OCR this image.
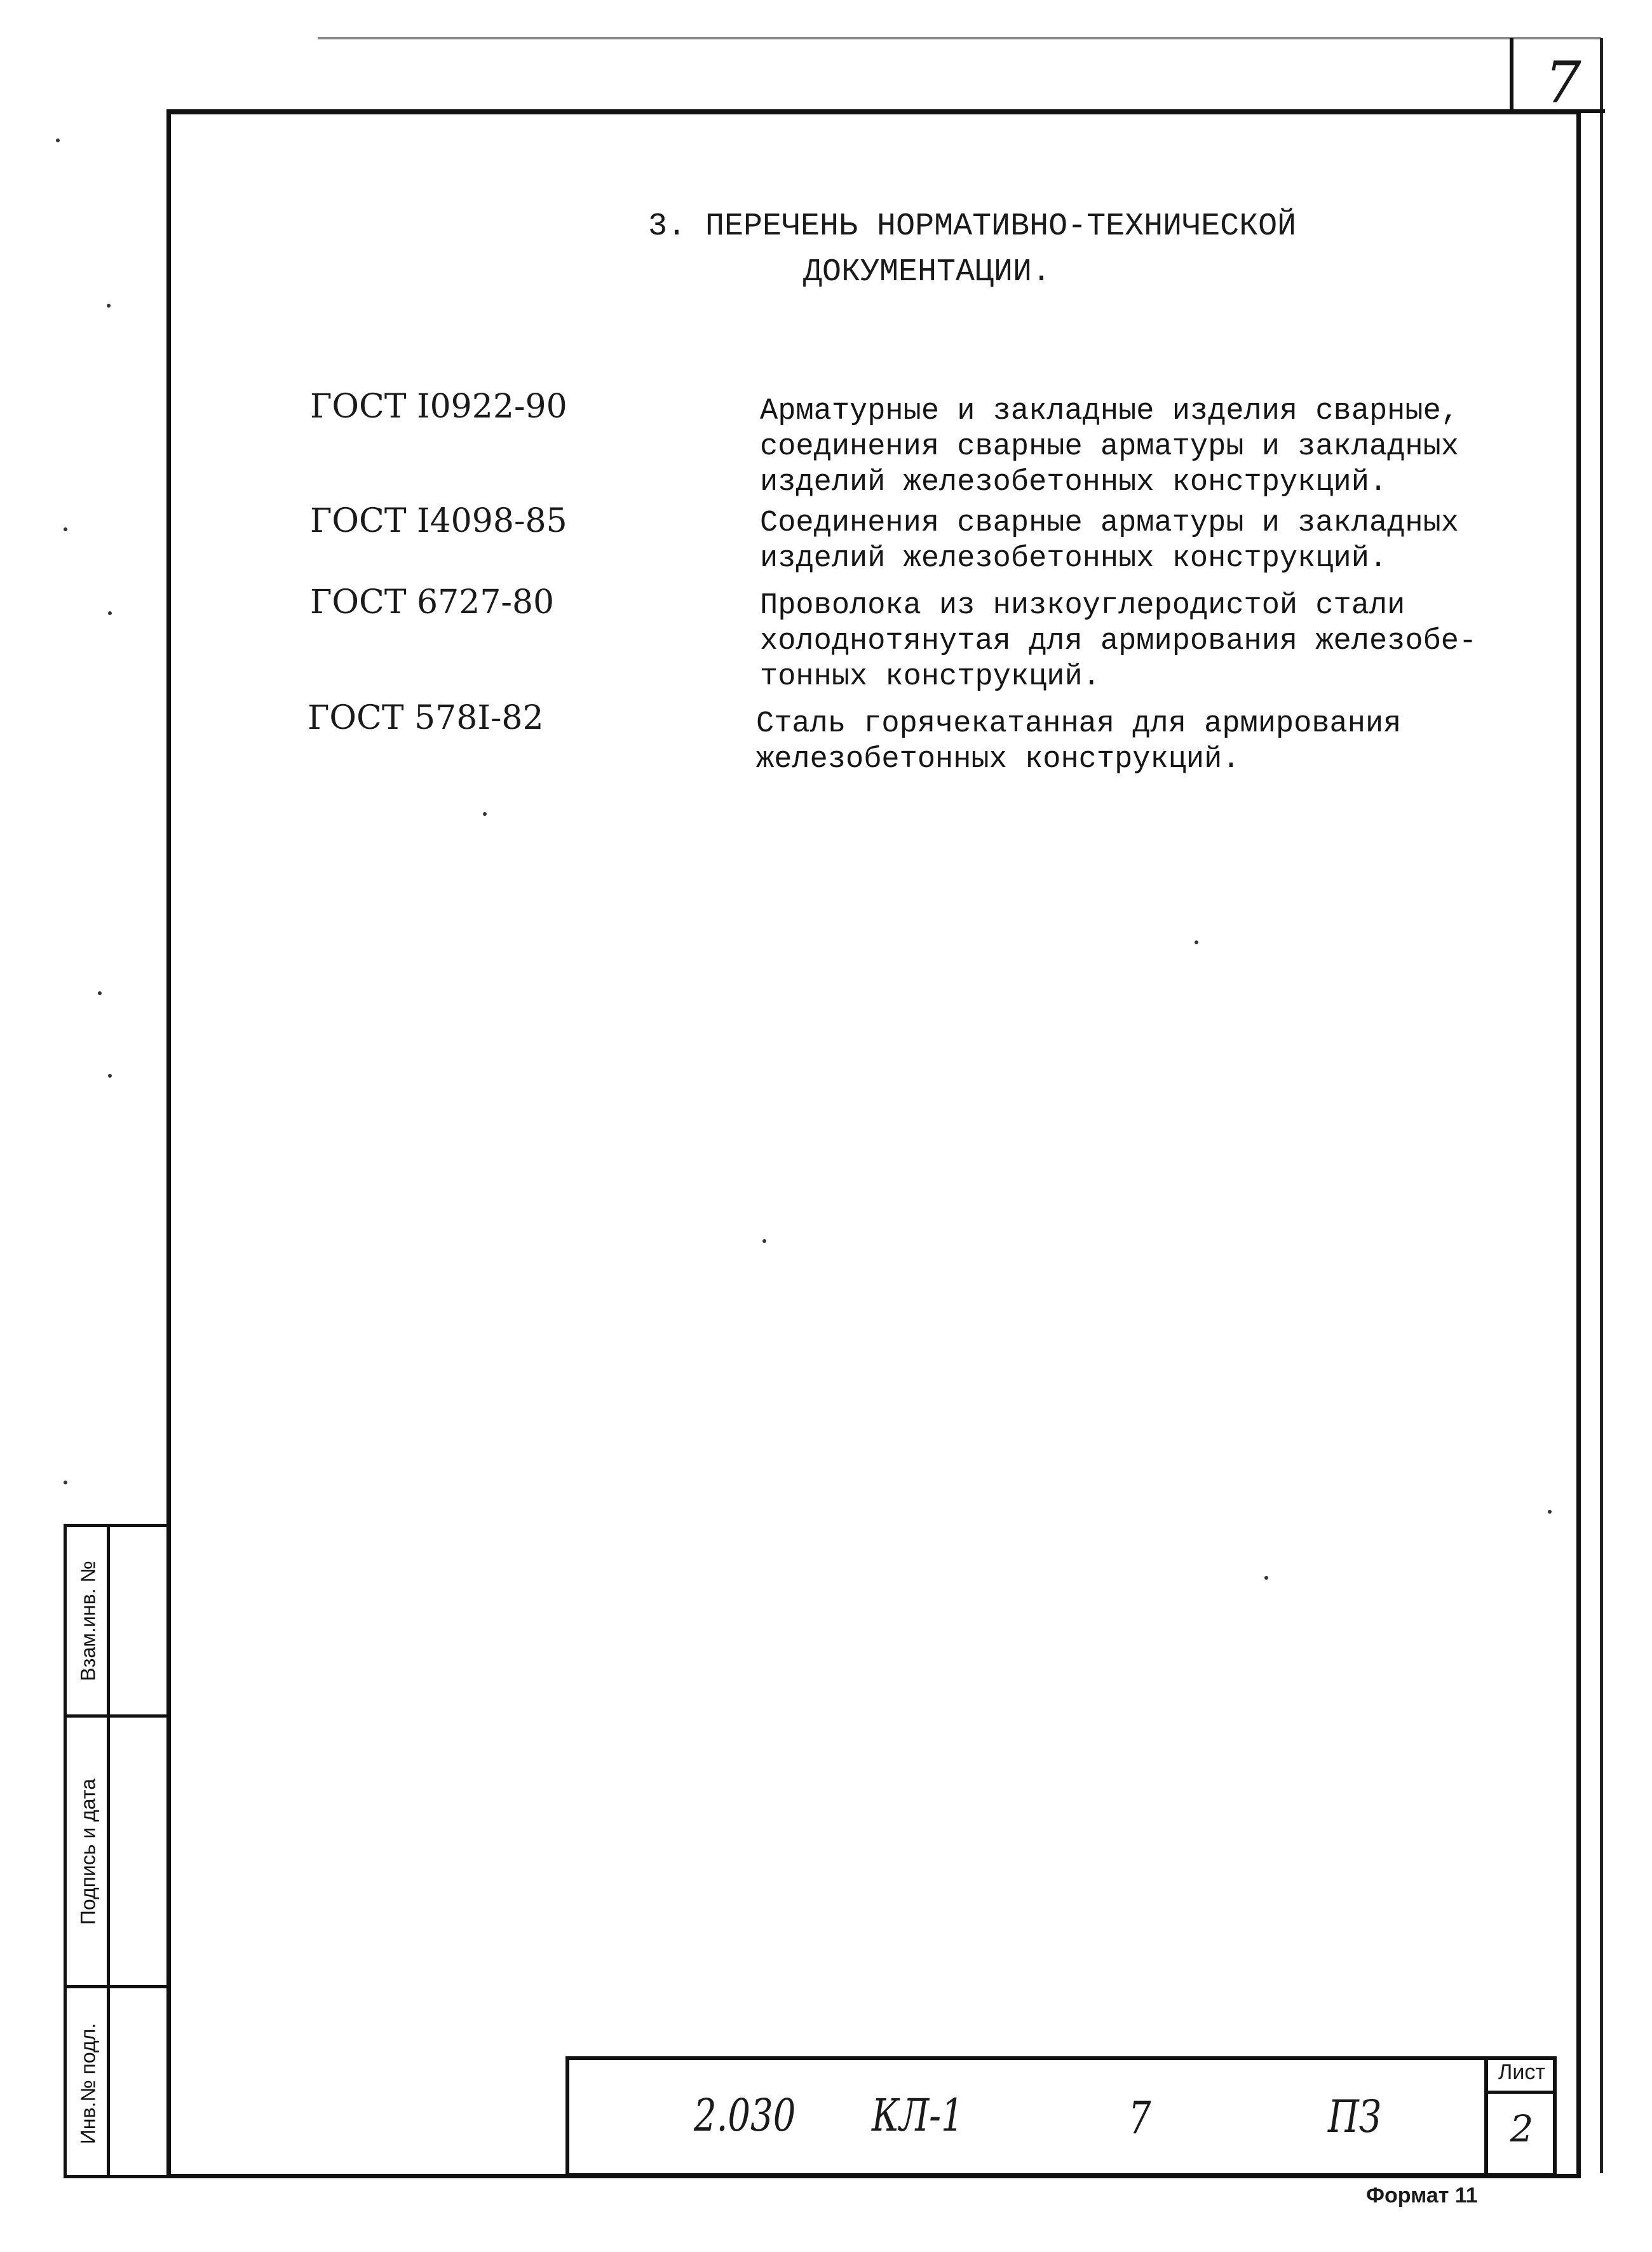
7
3. ПЕРЕЧЕНЬ НОРМАТИВНО-ТЕХНИЧЕСКОЙ
ДОКУМЕНТАЦИИ.
ГОСТ I0922-90	Арматурные и закладные изделия сварные,
соединения сварные арматуры и закладных
изделий железобетонных конструкций.
ГОСТ I4098-85	Соединения сварные арматуры и закладных
изделий железобетонных конструкций.
ГОСТ 6727-80	Проволока из низкоуглеродистой стали
холоднотянутая для армирования железобе-
тонных конструкций.
ГОСТ 578I-82	Сталь горячекатанная для армирования
железобетонных конструкций.
Взам.инв. №
Подпись и дата
Инв.№ подл.	2.030 КЛ-1	7	ПЗ
Лист
2
Формат 11
